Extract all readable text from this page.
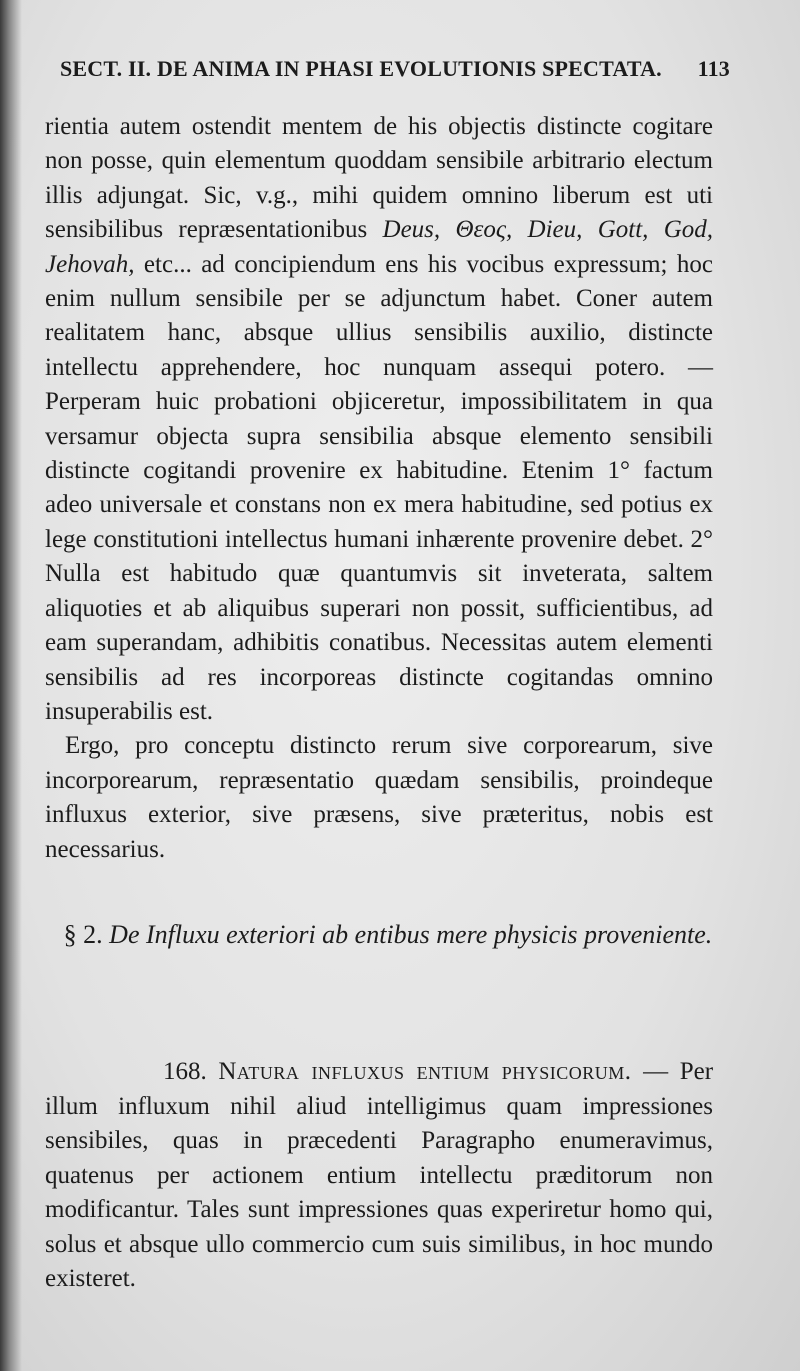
SECT. II. DE ANIMA IN PHASI EVOLUTIONIS SPECTATA. 113

rientia autem ostendit mentem de his objectis distincte cogitare non posse, quin elementum quoddam sensibile arbitrario electum illis adjungat. Sic, v.g., mihi quidem omnino liberum est uti sensibilibus repræsentationibus Deus, Θεος, Dieu, Gott, God, Jehovah, etc... ad concipiendum ens his vocibus expressum; hoc enim nullum sensibile per se adjunctum habet. Coner autem realitatem hanc, absque ullius sensibilis auxilio, distincte intellectu apprehendere, hoc nunquam assequi potero. — Perperam huic probationi objiceretur, impossibilitatem in qua versamur objecta supra sensibilia absque elemento sensibili distincte cogitandi provenire ex habitudine. Etenim 1° factum adeo universale et constans non ex mera habitudine, sed potius ex lege constitutioni intellectus humani inhærente provenire debet. 2° Nulla est habitudo quæ quantumvis sit inveterata, saltem aliquoties et ab aliquibus superari non possit, sufficientibus, ad eam superandam, adhibitis conatibus. Necessitas autem elementi sensibilis ad res incorporeas distincte cogitandas omnino insuperabilis est.

Ergo, pro conceptu distincto rerum sive corporearum, sive incorporearum, repræsentatio quædam sensibilis, proindeque influxus exterior, sive præsens, sive præteritus, nobis est necessarius.

§ 2. De Influxu exteriori ab entibus mere physicis proveniente.

168. Natura influxus entium physicorum. — Per illum influxum nihil aliud intelligimus quam impressiones sensibiles, quas in præcedenti Paragrapho enumeravimus, quatenus per actionem entium intellectu præditorum non modificantur. Tales sunt impressiones quas experiretur homo qui, solus et absque ullo commercio cum suis similibus, in hoc mundo existeret.
